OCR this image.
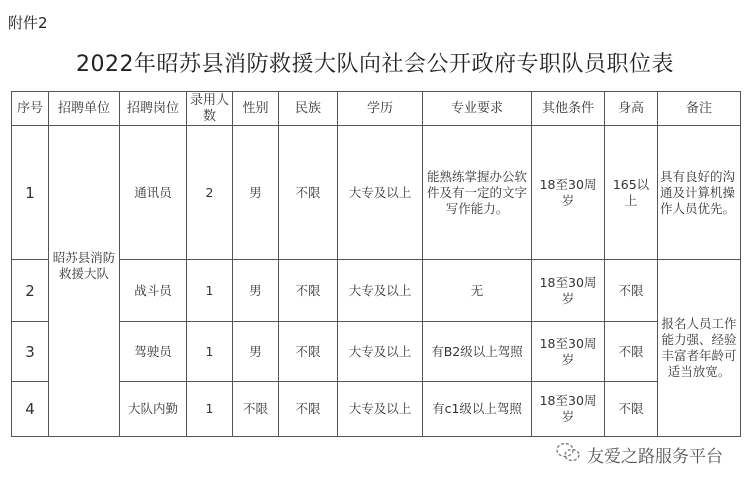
附件2
2022年昭苏县消防救援大队向社会公开政府专职队员职位表
序号	招聘单位	招聘岗位	录用人数	性别	民族	学历	专业要求	其他条件	身高	备注
1	昭苏县消防救援大队	通讯员	2	男	不限	大专及以上	能熟练掌握办公软件及有一定的文字写作能力。	18至30周岁	165以上	具有良好的沟通及计算机操作人员优先。
2		战斗员	1	男	不限	大专及以上	无	18至30周岁	不限	报名人员工作能力强、经验丰富者年龄可适当放宽。
3		驾驶员	1	男	不限	大专及以上	有B2级以上驾照	18至30周岁	不限	
4		大队内勤	1	不限	不限	大专及以上	有c1级以上驾照	18至30周岁	不限	
友爱之路服务平台
